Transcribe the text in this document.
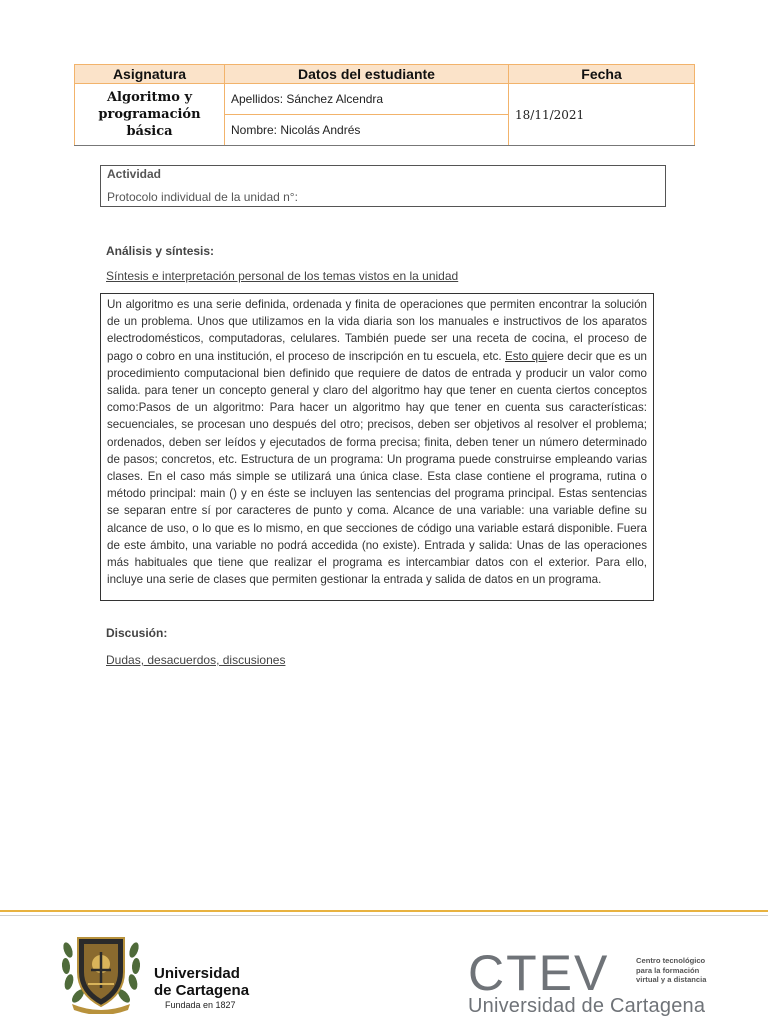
Asignatura	Datos del estudiante	Fecha

Algoritmo y
programación básica	Apellidos: Sánchez Alcendra	18/11/2021
	Nombre: Nicolás Andrés	
Actividad
Protocolo individual de la unidad n°:
Análisis y síntesis:
Síntesis e interpretación personal de los temas vistos en la unidad
Un algoritmo es una serie definida, ordenada y finita de operaciones que permiten encontrar la solución de un problema. Unos que utilizamos en la vida diaria son los manuales e instructivos de los aparatos electrodomésticos, computadoras, celulares. También puede ser una receta de cocina, el proceso de pago o cobro en una institución, el proceso de inscripción en tu escuela, etc. Esto quiere decir que es un procedimiento computacional bien definido que requiere de datos de entrada y producir un valor como salida. para tener un concepto general y claro del algoritmo hay que tener en cuenta ciertos conceptos como:Pasos de un algoritmo: Para hacer un algoritmo hay que tener en cuenta sus características: secuenciales, se procesan uno después del otro; precisos, deben ser objetivos al resolver el problema; ordenados, deben ser leídos y ejecutados de forma precisa; finita, deben tener un número determinado de pasos; concretos, etc. Estructura de un programa: Un programa puede construirse empleando varias clases. En el caso más simple se utilizará una única clase. Esta clase contiene el programa, rutina o método principal: main () y en éste se incluyen las sentencias del programa principal. Estas sentencias se separan entre sí por caracteres de punto y coma. Alcance de una variable: una variable define su alcance de uso, o lo que es lo mismo, en que secciones de código una variable estará disponible. Fuera de este ámbito, una variable no podrá accedida (no existe). Entrada y salida: Unas de las operaciones más habituales que tiene que realizar el programa es intercambiar datos con el exterior. Para ello, incluye una serie de clases que permiten gestionar la entrada y salida de datos en un programa.
Discusión:
Dudas, desacuerdos, discusiones
Universidad
de Cartagena
Fundada en 1827
CTEV	Centro tecnológico
para la formación
virtual y a distancia
Universidad de Cartagena
